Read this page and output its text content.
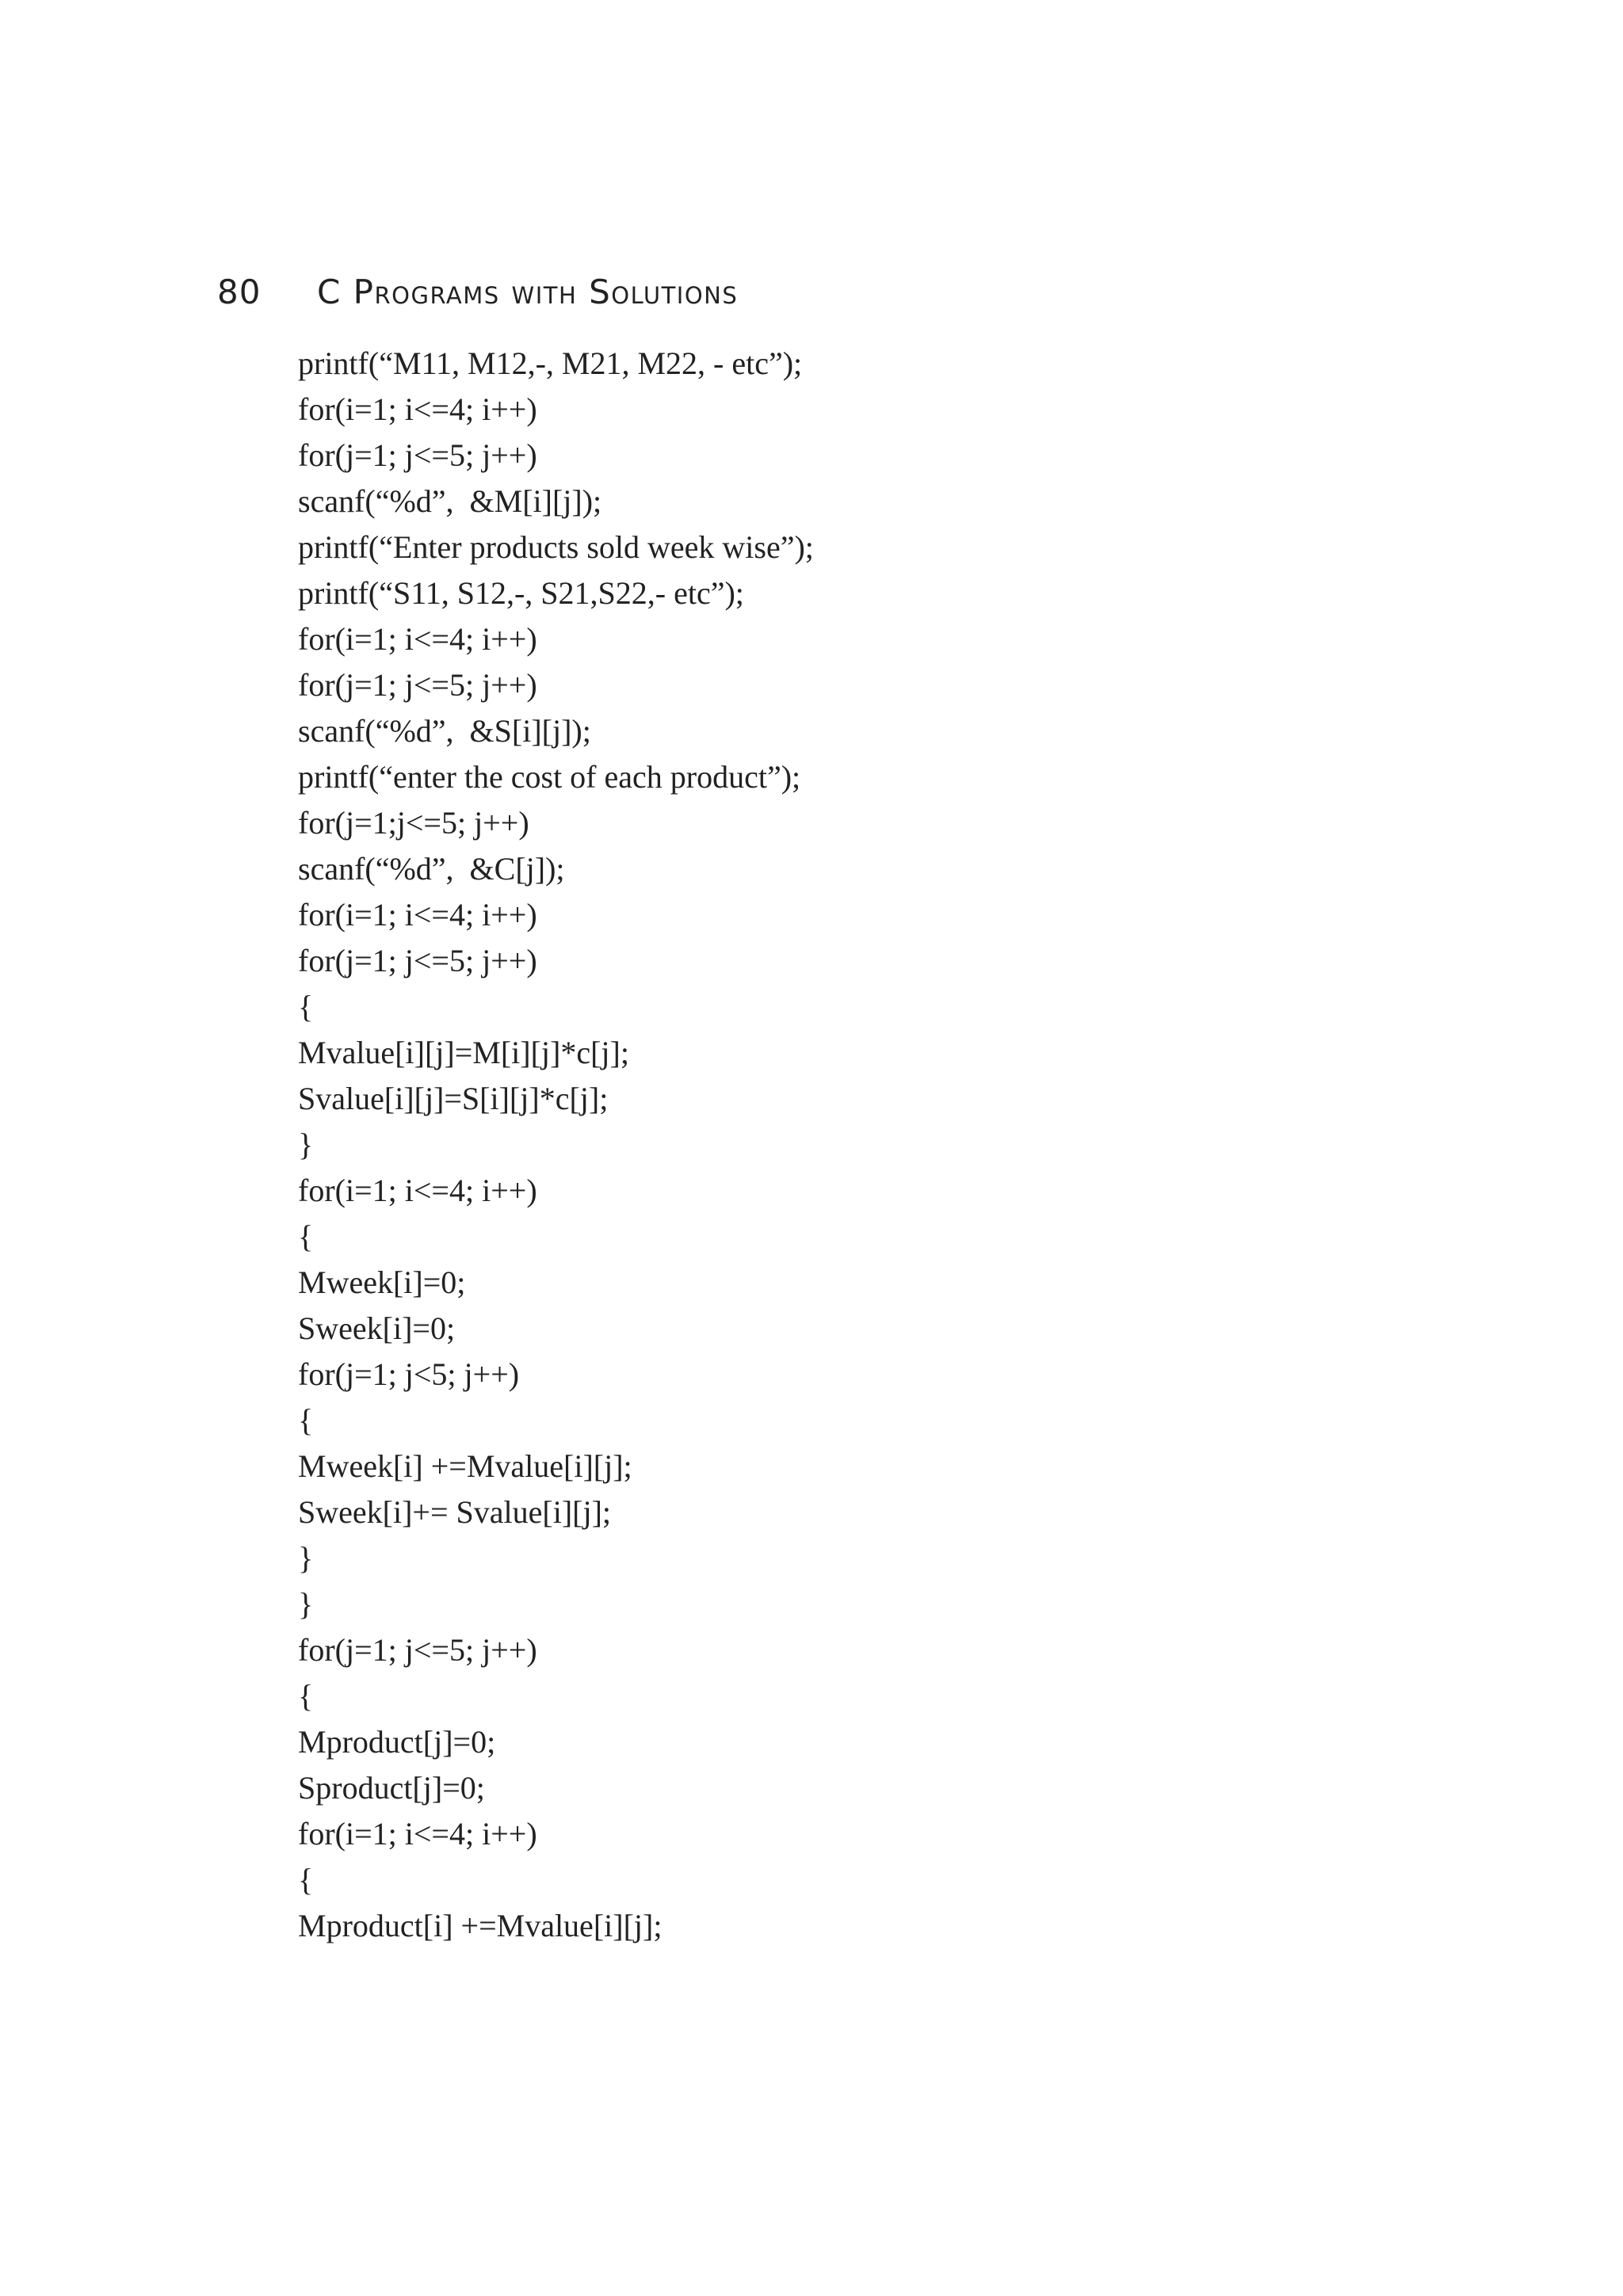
80	C Programs with Solutions
printf(“M11, M12,-, M21, M22, - etc”);
for(i=1; i<=4; i++)
for(j=1; j<=5; j++)
scanf(“%d”,  &M[i][j]);
printf(“Enter products sold week wise”);
printf(“S11, S12,-, S21,S22,- etc”);
for(i=1; i<=4; i++)
for(j=1; j<=5; j++)
scanf(“%d”,  &S[i][j]);
printf(“enter the cost of each product”);
for(j=1;j<=5; j++)
scanf(“%d”,  &C[j]);
for(i=1; i<=4; i++)
for(j=1; j<=5; j++)
{
Mvalue[i][j]=M[i][j]*c[j];
Svalue[i][j]=S[i][j]*c[j];
}
for(i=1; i<=4; i++)
{
Mweek[i]=0;
Sweek[i]=0;
for(j=1; j<5; j++)
{
Mweek[i] +=Mvalue[i][j];
Sweek[i]+= Svalue[i][j];
}
}
for(j=1; j<=5; j++)
{
Mproduct[j]=0;
Sproduct[j]=0;
for(i=1; i<=4; i++)
{
Mproduct[i] +=Mvalue[i][j];
